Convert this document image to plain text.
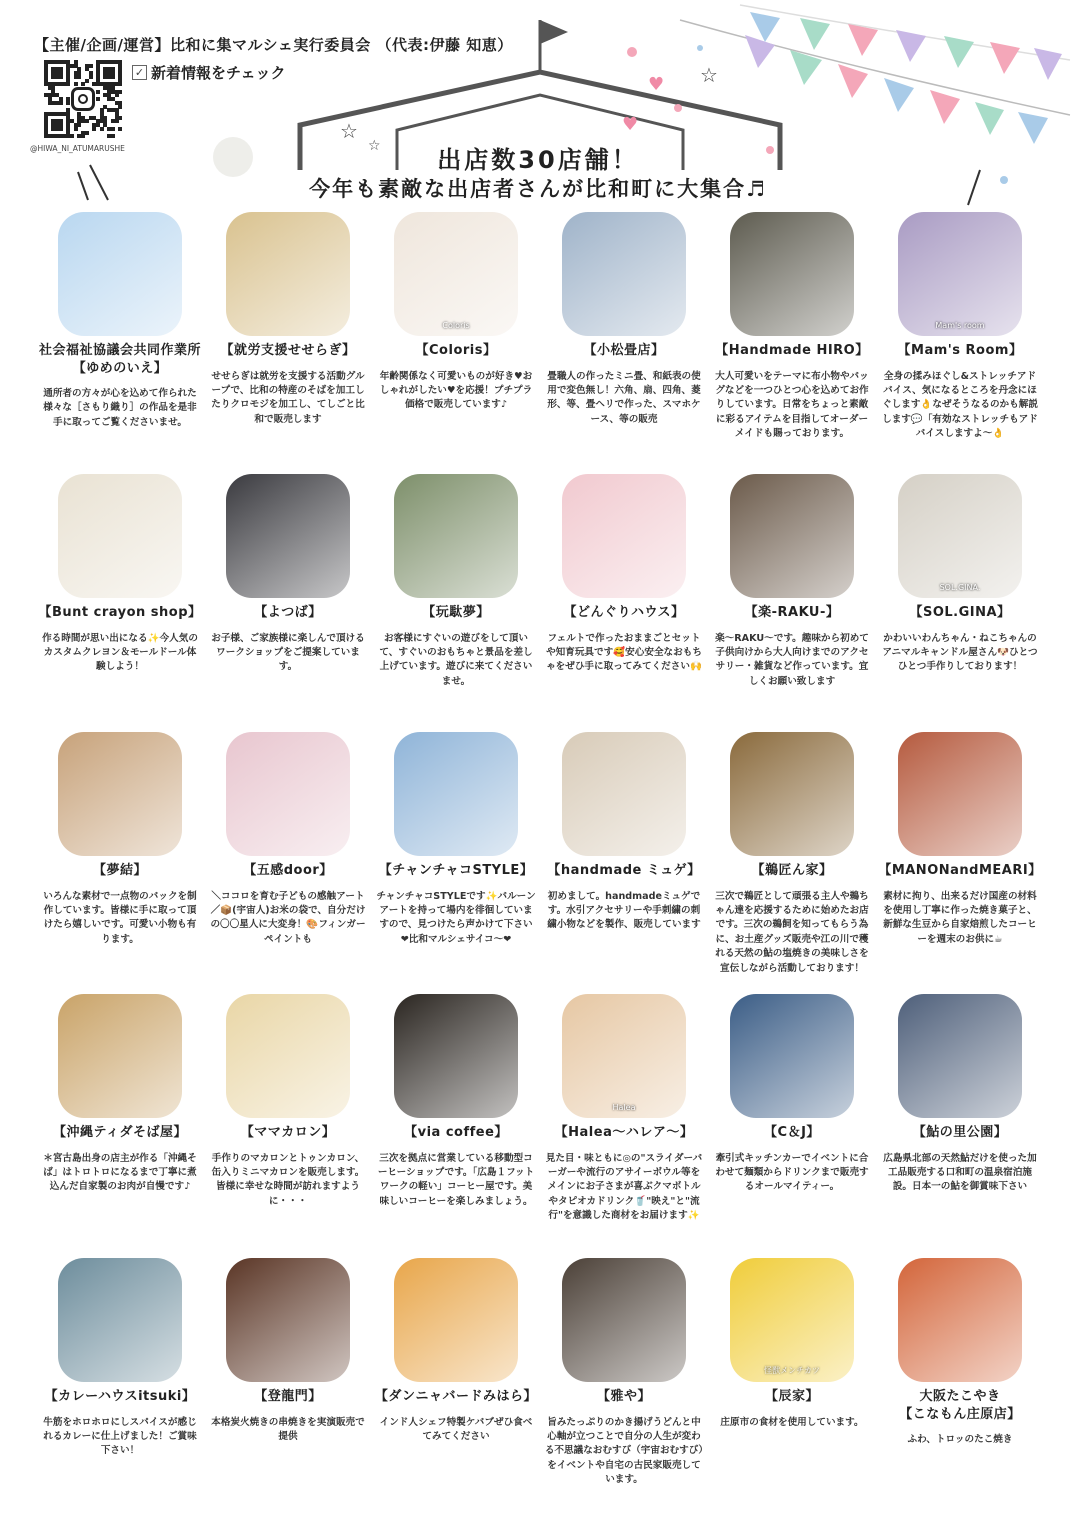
♥
♥ ☆
☆
☆
【主催/企画/運営】比和に集マルシェ実行委員会 （代表:伊藤 知恵）
@HIWA_NI_ATUMARUSHE
✓ 新着情報をチェック
出店数30店舗！
今年も素敵な出店者さんが比和町に大集合♬
社会福祉協議会共同作業所
【ゆめのいえ】
通所者の方々が心を込めて作られた様々な［さもり織り］の作品を是非手に取ってご覧くださいませ。
【就労支援せせらぎ】
せせらぎは就労を支援する活動グループで、比和の特産のそばを加工したりクロモジを加工し、てしごと比和で販売します
Coloris
【Coloris】
年齢関係なく可愛いものが好き♥おしゃれがしたい♥を応援！プチプラ価格で販売しています♪
【小松畳店】
畳職人の作ったミニ畳、和紙表の使用で変色無し！六角、扇、四角、菱形、等、畳ヘリで作った、スマホケース、等の販売
【Handmade HIRO】
大人可愛いをテーマに布小物やバッグなどを一つひとつ心を込めてお作りしています。日常をちょっと素敵に彩るアイテムを目指してオーダーメイドも賜っております。
Mam's room
【Mam's Room】
全身の揉みほぐし&ストレッチアドバイス、気になるところを丹念にほぐします👌なぜそうなるのかも解説します💬「有効なストレッチもアドバイスしますよ〜👌
【Bunt crayon shop】
作る時間が思い出になる✨今人気のカスタムクレヨン＆モールドール体験しよう！
【よつば】
お子様、ご家族様に楽しんで頂けるワークショップをご提案しています。
【玩駄夢】
お客様にすぐいの遊びをして頂いて、すぐいのおもちゃと景品を差し上げています。遊びに来てくださいませ。
【どんぐりハウス】
フェルトで作ったおままごとセットや知育玩具です🥰安心安全なおもちゃをぜひ手に取ってみてください🙌
【楽-RAKU-】
楽〜RAKU〜です。趣味から初めて子供向けから大人向けまでのアクセサリー・雑貨など作っています。宜しくお願い致します
SOL.GINA.
【SOL.GINA】
かわいいわんちゃん・ねこちゃんのアニマルキャンドル屋さん🐶ひとつひとつ手作りしております！
【夢結】
いろんな素材で一点物のバックを制作しています。皆様に手に取って頂けたら嬉しいです。可愛い小物も有ります。
【五感door】
＼ココロを育む子どもの感触アート／📦(宇宙人)お米の袋で、自分だけの〇〇星人に大変身！🎨フィンガーペイントも
【チャンチャコSTYLE】
チャンチャコSTYLEです✨バルーンアートを持って場内を徘徊していますので、見つけたら声かけて下さい❤比和マルシェサイコ〜❤
【handmade ミュゲ】
初めまして。handmadeミュゲです。水引アクセサリーや手刺繍の刺繍小物などを製作、販売しています
【鵜匠ん家】
三次で鵜匠として頑張る主人や鵜ちゃん達を応援するために始めたお店です。三次の鵜飼を知ってもらう為に、お土産グッズ販売や江の川で穫れる天然の鮎の塩焼きの美味しさを宣伝しながら活動しております！
【MANONandMEARI】
素材に拘り、出来るだけ国産の材料を使用し丁寧に作った焼き菓子と、新鮮な生豆から自家焙煎したコーヒーを週末のお供に☕
【沖縄ティダそば屋】
＊宮古島出身の店主が作る「沖縄そば」はトロトロになるまで丁寧に煮込んだ自家製のお肉が自慢です♪
【ママカロン】
手作りのマカロンとトゥンカロン、缶入りミニマカロンを販売します。皆様に幸せな時間が訪れますように・・・
【via coffee】
三次を拠点に営業している移動型コーヒーショップです。「広島１フットワークの軽い」コーヒー屋です。美味しいコーヒーを楽しみましょう。
Halea
【Halea〜ハレア〜】
見た目・味ともに◎の"スライダーバーガーや流行のアサイーボウル等をメインにお子さまが喜ぶクマボトルやタピオカドリンク🥤"映え"と"流行"を意識した商材をお届けます✨
【C＆J】
牽引式キッチンカーでイベントに合わせて麺類からドリンクまで販売するオールマイティー。
【鮎の里公園】
広島県北部の天然鮎だけを使った加工品販売する口和町の温泉宿泊施設。日本一の鮎を御賞味下さい
【カレーハウスitsuki】
牛筋をホロホロにしスパイスが感じれるカレーに仕上げました！ご賞味下さい！
【登龍門】
本格炭火焼きの串焼きを実演販売で提供
【ダンニャバードみはら】
インド人シェフ特製ケバブぜひ食べてみてください
【雅や】
旨みたっぷりのかき揚げうどんと中心軸が立つことで自分の人生が変わる不思議なおむすび（宇宙おむすび）をイベントや自宅の古民家販売しています。
怪獣メンチカツ
【辰家】
庄原市の食材を使用しています。
大阪たこやき
【こなもん庄原店】
ふわ、トロッのたこ焼き
